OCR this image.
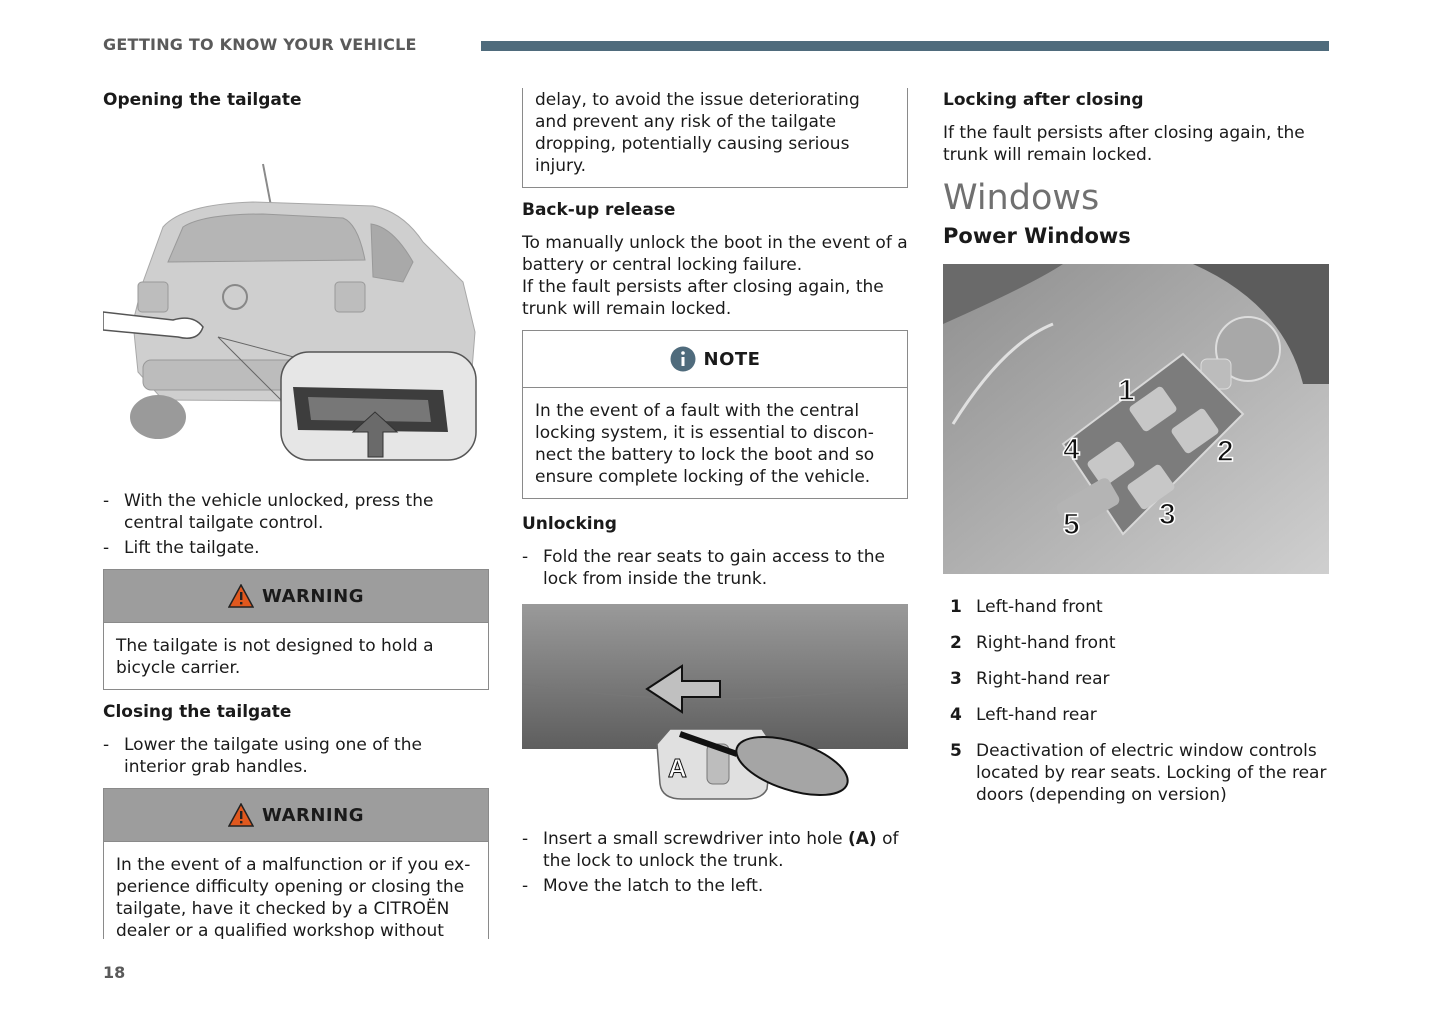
GETTING TO KNOW YOUR VEHICLE
Opening the tailgate
- With the vehicle unlocked, press the central tailgate control.
- Lift the tailgate.
WARNING
The tailgate is not designed to hold a bicycle carrier.
Closing the tailgate
- Lower the tailgate using one of the interior grab handles.
WARNING
In the event of a malfunction or if you ex-perience difficulty opening or closing the tailgate, have it checked by a CITROËN dealer or a qualified workshop without
delay, to avoid the issue deteriorating and prevent any risk of the tailgate dropping, potentially causing serious injury.
Back-up release

To manually unlock the boot in the event of a battery or central locking failure.

If the fault persists after closing again, the trunk will remain locked.

NOTE
In the event of a fault with the central locking system, it is essential to discon-nect the battery to lock the boot and so ensure complete locking of the vehicle.
Unlocking
- Fold the rear seats to gain access to the lock from inside the trunk.
A
- Insert a small screwdriver into hole (A) of the lock to unlock the trunk.
- Move the latch to the left.
Locking after closing

If the fault persists after closing again, the trunk will remain locked.

Windows
Power Windows
1
2
3
4
5
1 Left-hand front
2 Right-hand front
3 Right-hand rear
4 Left-hand rear
5 Deactivation of electric window controls located by rear seats. Locking of the rear doors (depending on version)
18
